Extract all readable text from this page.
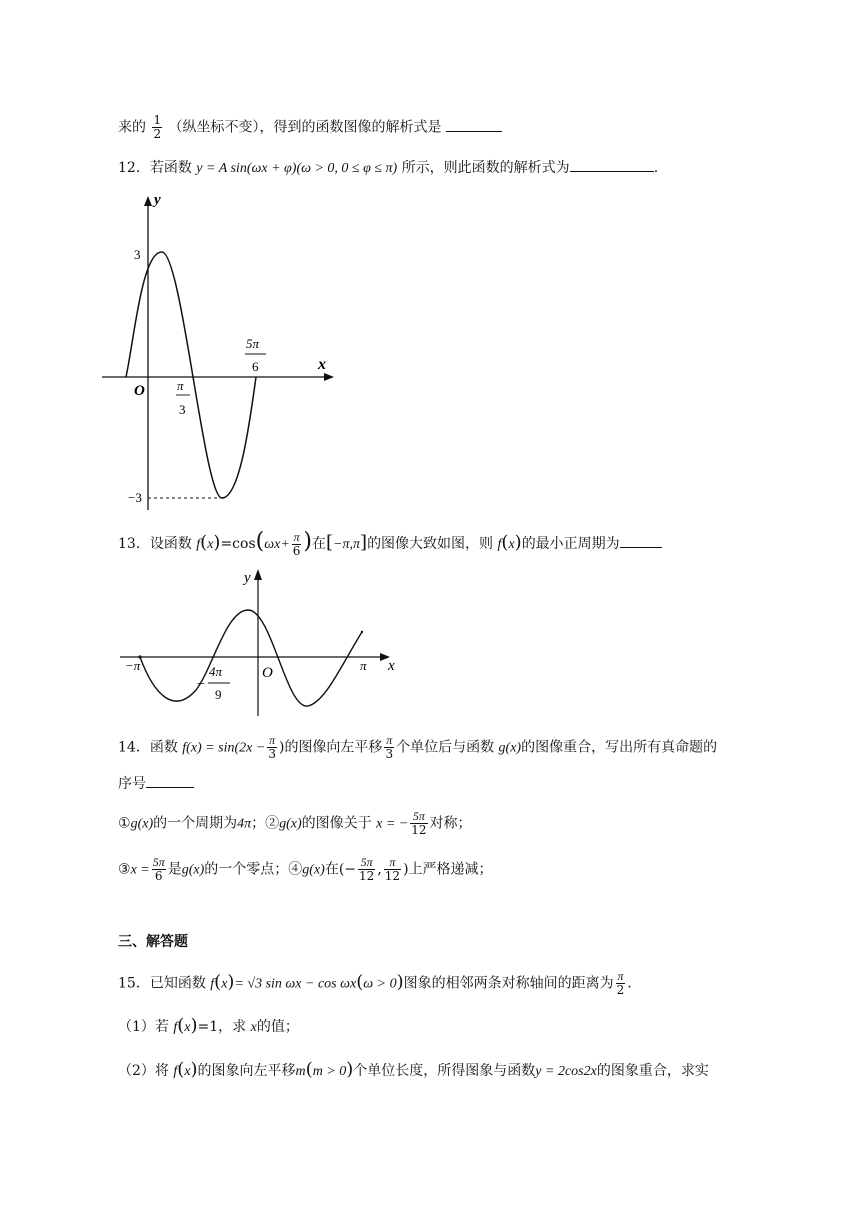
来的 $\frac{1}{2}$ （纵坐标不变），得到的函数图像的解析式是
12．若函数 y = A sin(ωx + φ)(ω > 0, 0 ≤ φ ≤ π) 所示，则此函数的解析式为	.
y
x
O
3
−3
π
3
5π
6
13．设函数 $f(x)=\cos(\omega x+ \frac{\pi}{6}$ )在[−π,π]的图像大致如图，则 f(x)的最小正周期为
y
x
O
−π	π
−
4π
9
14．函数 $f(x) = \sin(2x - \frac{\pi}{3}$ )的图像向左平移 $\frac{\pi}{3}$ 个单位后与函数 g(x)的图像重合，写出所有真命题的
序号
①g(x)的一个周期为4π；②g(x)的图像关于 x = − $\frac{5\pi}{12}$ 对称；
③x = $\frac{5\pi}{6}$ 是g(x)的一个零点；④g(x)在(− $\frac{5\pi}{12}$ , $\frac{\pi}{12}$ )上严格递减；
三、解答题
15．已知函数 f(x)= √3 sin ωx − cos ωx(ω > 0)图象的相邻两条对称轴间的距离为 $\frac{\pi}{2}$ .
（1）若 f(x)=1，求 x的值；
（2）将 f(x)的图象向左平移m(m > 0)个单位长度，所得图象与函数y = 2cos2x的图象重合，求实
